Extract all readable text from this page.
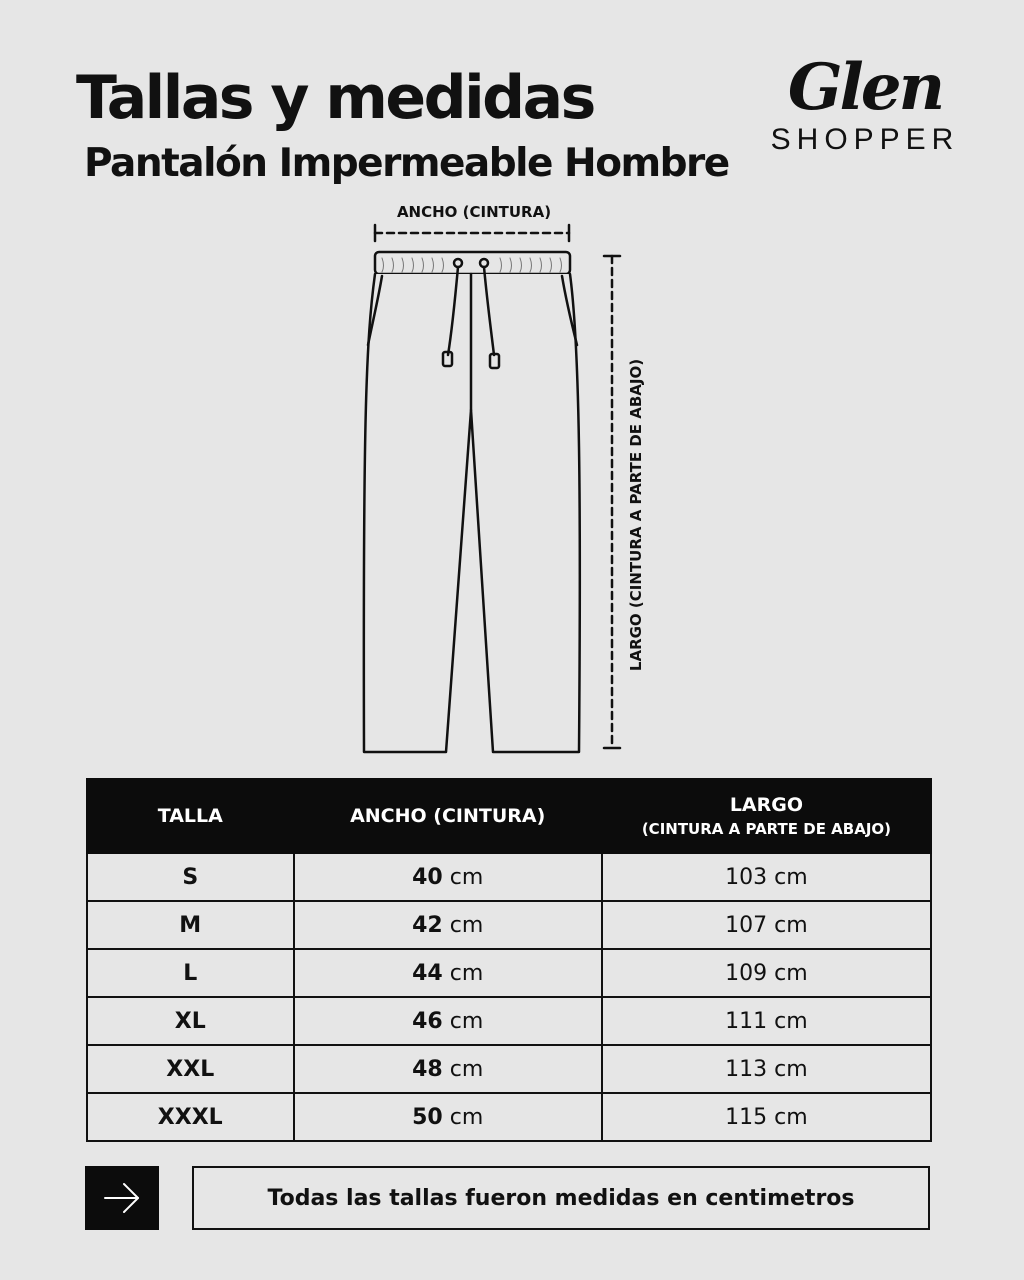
Tallas y medidas
Pantalón Impermeable Hombre
Glen
SHOPPER
ANCHO (CINTURA)
LARGO (CINTURA A PARTE DE ABAJO)
TALLA	ANCHO (CINTURA)	LARGO
(CINTURA A PARTE DE ABAJO)

S	40 cm	103 cm
M	42 cm	107 cm
L	44 cm	109 cm
XL	46 cm	111 cm
XXL	48 cm	113 cm
XXXL	50 cm	115 cm
Todas las tallas fueron medidas en centimetros
